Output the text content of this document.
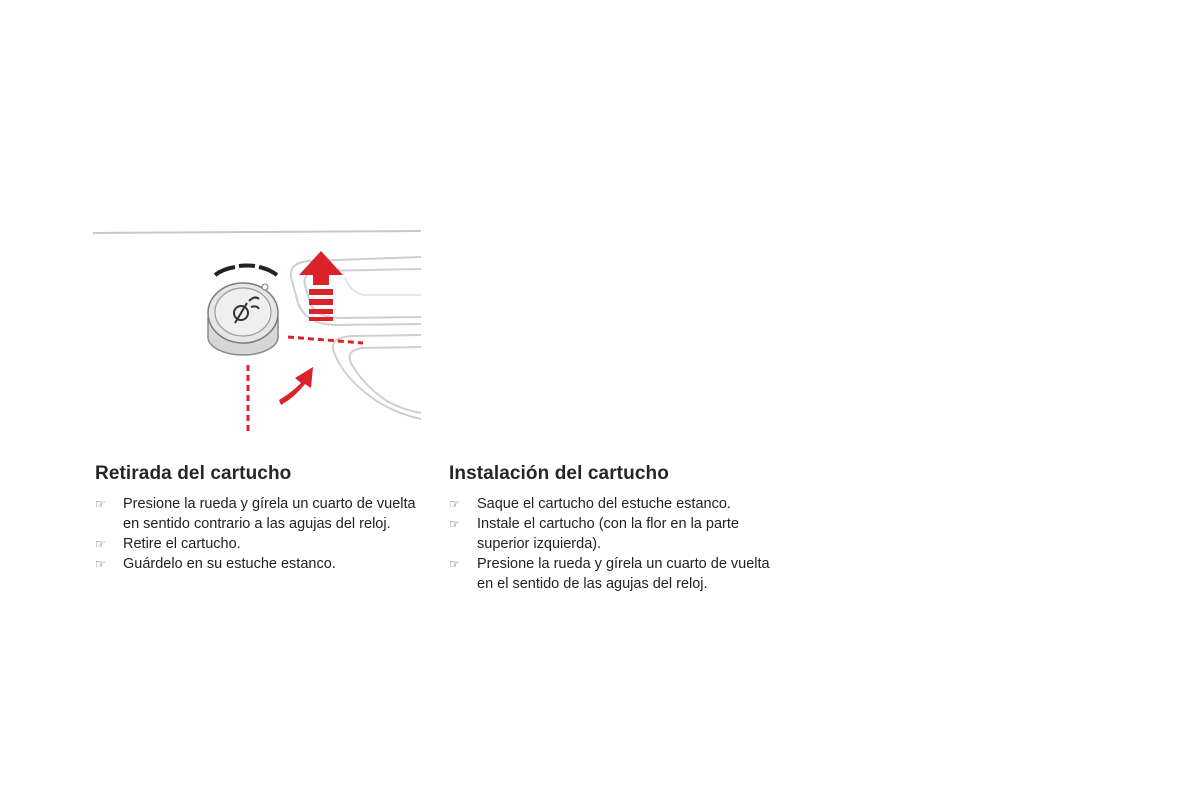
Retirada del cartucho
☞ Presione la rueda y gírela un cuarto de vuelta en sentido contrario a las agujas del reloj.
☞ Retire el cartucho.
☞ Guárdelo en su estuche estanco.
Instalación del cartucho
☞ Saque el cartucho del estuche estanco.
☞ Instale el cartucho (con la flor en la parte superior izquierda).
☞ Presione la rueda y gírela un cuarto de vuelta en el sentido de las agujas del reloj.
